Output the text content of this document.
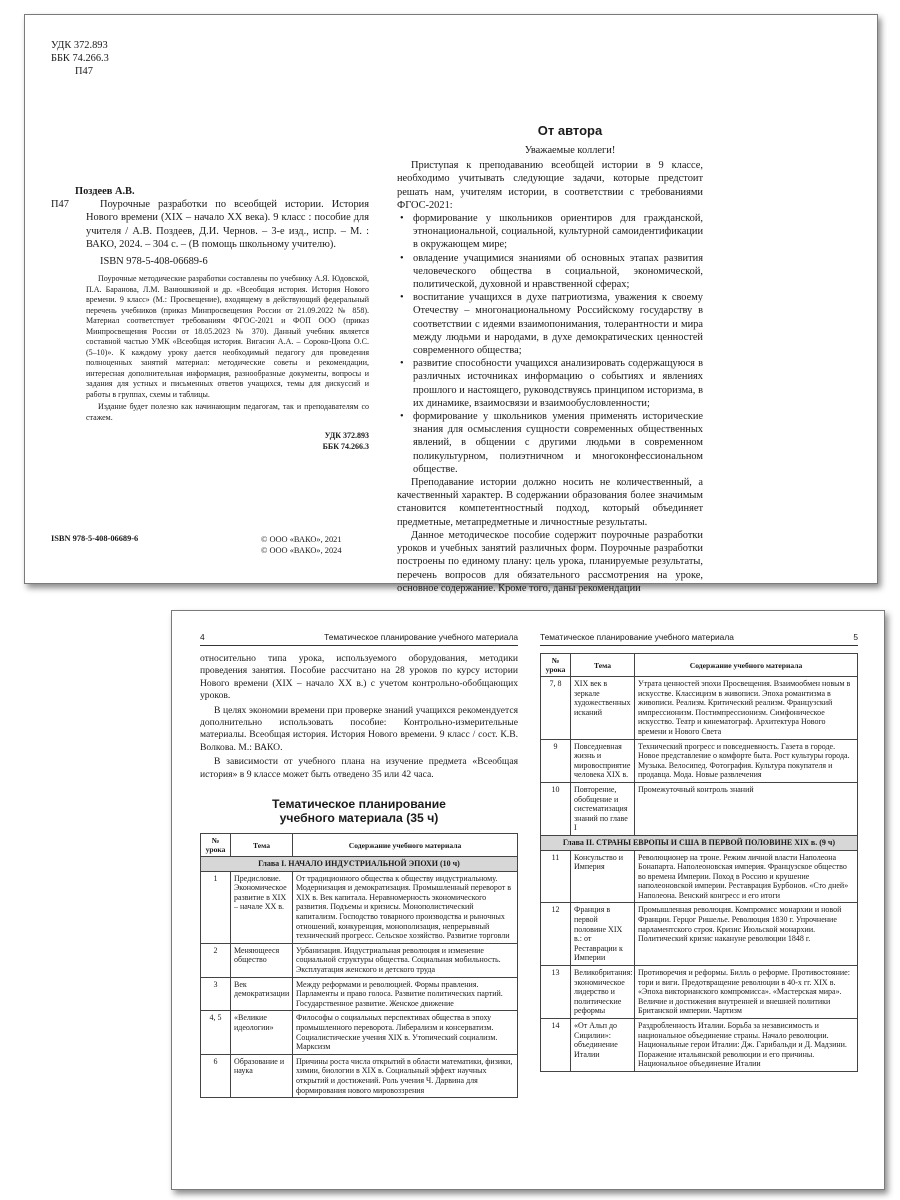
УДК 372.893
ББК 74.266.3
П47
Поздеев А.В.
П47	Поурочные разработки по всеобщей истории. История Нового времени (XIX – начало XX века). 9 класс : пособие для учителя / А.В. Поздеев, Д.И. Чернов. – 3-е изд., испр. – М. : ВАКО, 2024. – 304 с. – (В помощь школьному учителю).

ISBN 978-5-408-06689-6

Поурочные методические разработки составлены по учебнику А.Я. Юдовской, П.А. Баранова, Л.М. Ванюшкиной и др. «Всеобщая история. История Нового времени. 9 класс» (М.: Просвещение), входящему в действующий федеральный перечень учебников (приказ Минпросвещения России от 21.09.2022 № 858). Материал соответствует требованиям ФГОС-2021 и ФОП ООО (приказ Минпросвещения России от 18.05.2023 № 370). Данный учебник является составной частью УМК «Всеобщая история. Вигасин А.А. – Сороко-Цюпа О.С. (5–10)». К каждому уроку дается необходимый педагогу для проведения полноценных занятий материал: методические советы и рекомендации, интересная дополнительная информация, разнообразные документы, вопросы и задания для устных и письменных ответов учащихся, темы для дискуссий и работы в группах, схемы и таблицы.

Издание будет полезно как начинающим педагогам, так и преподавателям со стажем.

УДК 372.893
ББК 74.266.3
ISBN 978-5-408-06689-6	© ООО «ВАКО», 2021
© ООО «ВАКО», 2024
От автора
Уважаемые коллеги!

Приступая к преподаванию всеобщей истории в 9 классе, необходимо учитывать следующие задачи, которые предстоит решать нам, учителям истории, в соответствии с требованиями ФГОС-2021:

• формирование у школьников ориентиров для гражданской, этнонациональной, социальной, культурной самоидентификации в окружающем мире;
• овладение учащимися знаниями об основных этапах развития человеческого общества в социальной, экономической, политической, духовной и нравственной сферах;
• воспитание учащихся в духе патриотизма, уважения к своему Отечеству – многонациональному Российскому государству в соответствии с идеями взаимопонимания, толерантности и мира между людьми и народами, в духе демократических ценностей современного общества;
• развитие способности учащихся анализировать содержащуюся в различных источниках информацию о событиях и явлениях прошлого и настоящего, руководствуясь принципом историзма, в их динамике, взаимосвязи и взаимообусловленности;
• формирование у школьников умения применять исторические знания для осмысления сущности современных общественных явлений, в общении с другими людьми в современном поликультурном, полиэтничном и многоконфессиональном обществе.

Преподавание истории должно носить не количественный, а качественный характер. В содержании образования более значимым становится компетентностный подход, который объединяет предметные, метапредметные и личностные результаты.

Данное методическое пособие содержит поурочные разработки уроков и учебных занятий различных форм. Поурочные разработки построены по единому плану: цель урока, планируемые результаты, перечень вопросов для обязательного рассмотрения на уроке, основное содержание. Кроме того, даны рекомендации

4	Тематическое планирование учебного материала

относительно типа урока, используемого оборудования, методики проведения занятия. Пособие рассчитано на 28 уроков по курсу истории Нового времени (XIX – начало XX в.) с учетом контрольно-обобщающих уроков.

В целях экономии времени при проверке знаний учащихся рекомендуется дополнительно использовать пособие: Контрольно-измерительные материалы. Всеобщая история. История Нового времени. 9 класс / сост. К.В. Волкова. М.: ВАКО.

В зависимости от учебного плана на изучение предмета «Всеобщая история» в 9 классе может быть отведено 35 или 42 часа.

Тематическое планирование учебного материала (35 ч)
№ урока	Тема	Содержание учебного материала
Глава I. НАЧАЛО ИНДУСТРИАЛЬНОЙ ЭПОХИ (10 ч)		
1	Предисловие. Экономическое развитие в XIX – начале XX в.	От традиционного общества к обществу индустриальному. Модернизация и демократизация. Промышленный переворот в XIX в. Век капитала. Неравномерность экономического развития. Подъемы и кризисы. Монополистический капитализм. Господство товарного производства и рыночных отношений, конкуренция, монополизация, непрерывный технический прогресс. Сельское хозяйство. Развитие торговли
2	Меняющееся общество	Урбанизация. Индустриальная революция и изменение социальной структуры общества. Социальная мобильность. Эксплуатация женского и детского труда
3	Век демократизации	Между реформами и революцией. Формы правления. Парламенты и право голоса. Развитие политических партий. Государственное развитие. Женское движение
4, 5	«Великие идеологии»	Философы о социальных перспективах общества в эпоху промышленного переворота. Либерализм и консерватизм. Социалистические учения XIX в. Утопический социализм. Марксизм
6	Образование и наука	Причины роста числа открытий в области математики, физики, химии, биологии в XIX в. Социальный эффект научных открытий и достижений. Роль учения Ч. Дарвина для формирования нового мировоззрения
Тематическое планирование учебного материала	5
№ урока	Тема	Содержание учебного материала
7, 8	XIX век в зеркале художественных исканий	Утрата ценностей эпохи Просвещения. Взаимообмен новым в искусстве. Классицизм в живописи. Эпоха романтизма в живописи. Реализм. Критический реализм. Французский импрессионизм. Постимпрессионизм. Симфоническое искусство. Театр и кинематограф. Архитектура Нового времени и Нового Света
9	Повседневная жизнь и мировосприятие человека XIX в.	Технический прогресс и повседневность. Газета в городе. Новое представление о комфорте быта. Рост культуры города. Музыка. Велосипед. Фотография. Культура покупателя и продавца. Мода. Новые развлечения
10	Повторение, обобщение и систематизация знаний по главе I	Промежуточный контроль знаний
Глава II. СТРАНЫ ЕВРОПЫ И США В ПЕРВОЙ ПОЛОВИНЕ XIX в. (9 ч)		
11	Консульство и Империя	Революционер на троне. Режим личной власти Наполеона Бонапарта. Наполеоновская империя. Французское общество во времена Империи. Поход в Россию и крушение наполеоновской империи. Реставрация Бурбонов. «Сто дней» Наполеона. Венский конгресс и его итоги
12	Франция в первой половине XIX в.: от Реставрации к Империи	Промышленная революция. Компромисс монархии и новой Франции. Герцог Ришелье. Революция 1830 г. Упрочнение парламентского строя. Кризис Июльской монархии. Политический кризис накануне революции 1848 г.
13	Великобритания: экономическое лидерство и политические реформы	Противоречия и реформы. Билль о реформе. Противостояние: тори и виги. Предотвращение революции в 40-х гг. XIX в. «Эпоха викторианского компромисса». «Мастерская мира». Величие и достижения внутренней и внешней политики Британской империи. Чартизм
14	«От Альп до Сицилии»: объединение Италии	Раздробленность Италии. Борьба за независимость и национальное объединение страны. Начало революции. Национальные герои Италии: Дж. Гарибальди и Д. Мадзини. Поражение итальянской революции и его причины. Национальное объединение Италии
